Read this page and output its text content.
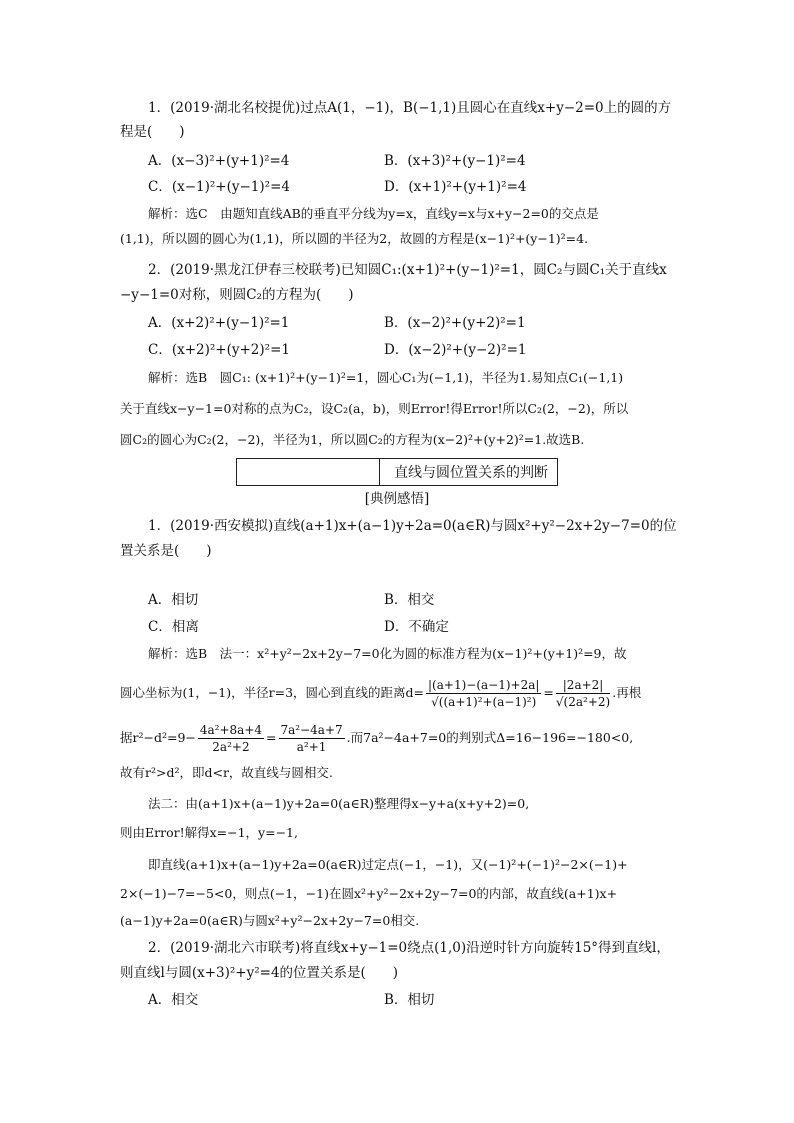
1．(2019·湖北名校提优)过点A(1，−1)，B(−1,1)且圆心在直线x+y−2=0上的圆的方
程是(　　)
A．(x−3)²+(y+1)²=4	B．(x+3)²+(y−1)²=4
C．(x−1)²+(y−1)²=4	D．(x+1)²+(y+1)²=4
解析：选C　由题知直线AB的垂直平分线为y=x，直线y=x与x+y−2=0的交点是
(1,1)，所以圆的圆心为(1,1)，所以圆的半径为2，故圆的方程是(x−1)²+(y−1)²=4.
2．(2019·黑龙江伊春三校联考)已知圆C₁:(x+1)²+(y−1)²=1，圆C₂与圆C₁关于直线x
−y−1=0对称，则圆C₂的方程为(　　)
A．(x+2)²+(y−1)²=1	B．(x−2)²+(y+2)²=1
C．(x+2)²+(y+2)²=1	D．(x−2)²+(y−2)²=1
解析：选B　圆C₁: (x+1)²+(y−1)²=1，圆心C₁为(−1,1)，半径为1.易知点C₁(−1,1)
关于直线x−y−1=0对称的点为C₂，设C₂(a，b)，则Error!得Error!所以C₂(2，−2)，所以
圆C₂的圆心为C₂(2，−2)，半径为1，所以圆C₂的方程为(x−2)²+(y+2)²=1.故选B.
直线与圆位置关系的判断
[典例感悟]
1．(2019·西安模拟)直线(a+1)x+(a−1)y+2a=0(a∈R)与圆x²+y²−2x+2y−7=0的位
置关系是(　　)
A．相切	B．相交
C．相离	D．不确定
解析：选B　法一：x²+y²−2x+2y−7=0化为圆的标准方程为(x−1)²+(y+1)²=9，故
圆心坐标为(1，−1)，半径r=3，圆心到直线的距离$d= \frac{|(a+1)-(a-1)+2a|}{\text{√((a+1)²+(a−1)²)}} = \frac{|2a+2|}{\text{√(2a²+2)}}$ .再根
据$r^2-d^2=9- \frac{\text{4a²+8a+4}}{\text{2a²+2}} = \frac{\text{7a²−4a+7}}{\text{a²+1}}$ .而7a²−4a+7=0的判别式Δ=16−196=−180<0,
故有r²>d²，即d<r，故直线与圆相交.
法二：由(a+1)x+(a−1)y+2a=0(a∈R)整理得x−y+a(x+y+2)=0,
则由Error!解得x=−1，y=−1,
即直线(a+1)x+(a−1)y+2a=0(a∈R)过定点(−1，−1)，又(−1)²+(−1)²−2×(−1)+
2×(−1)−7=−5<0，则点(−1，−1)在圆x²+y²−2x+2y−7=0的内部，故直线(a+1)x+
(a−1)y+2a=0(a∈R)与圆x²+y²−2x+2y−7=0相交.
2．(2019·湖北六市联考)将直线x+y−1=0绕点(1,0)沿逆时针方向旋转15°得到直线l，
则直线l与圆(x+3)²+y²=4的位置关系是(　　)
A．相交	B．相切
